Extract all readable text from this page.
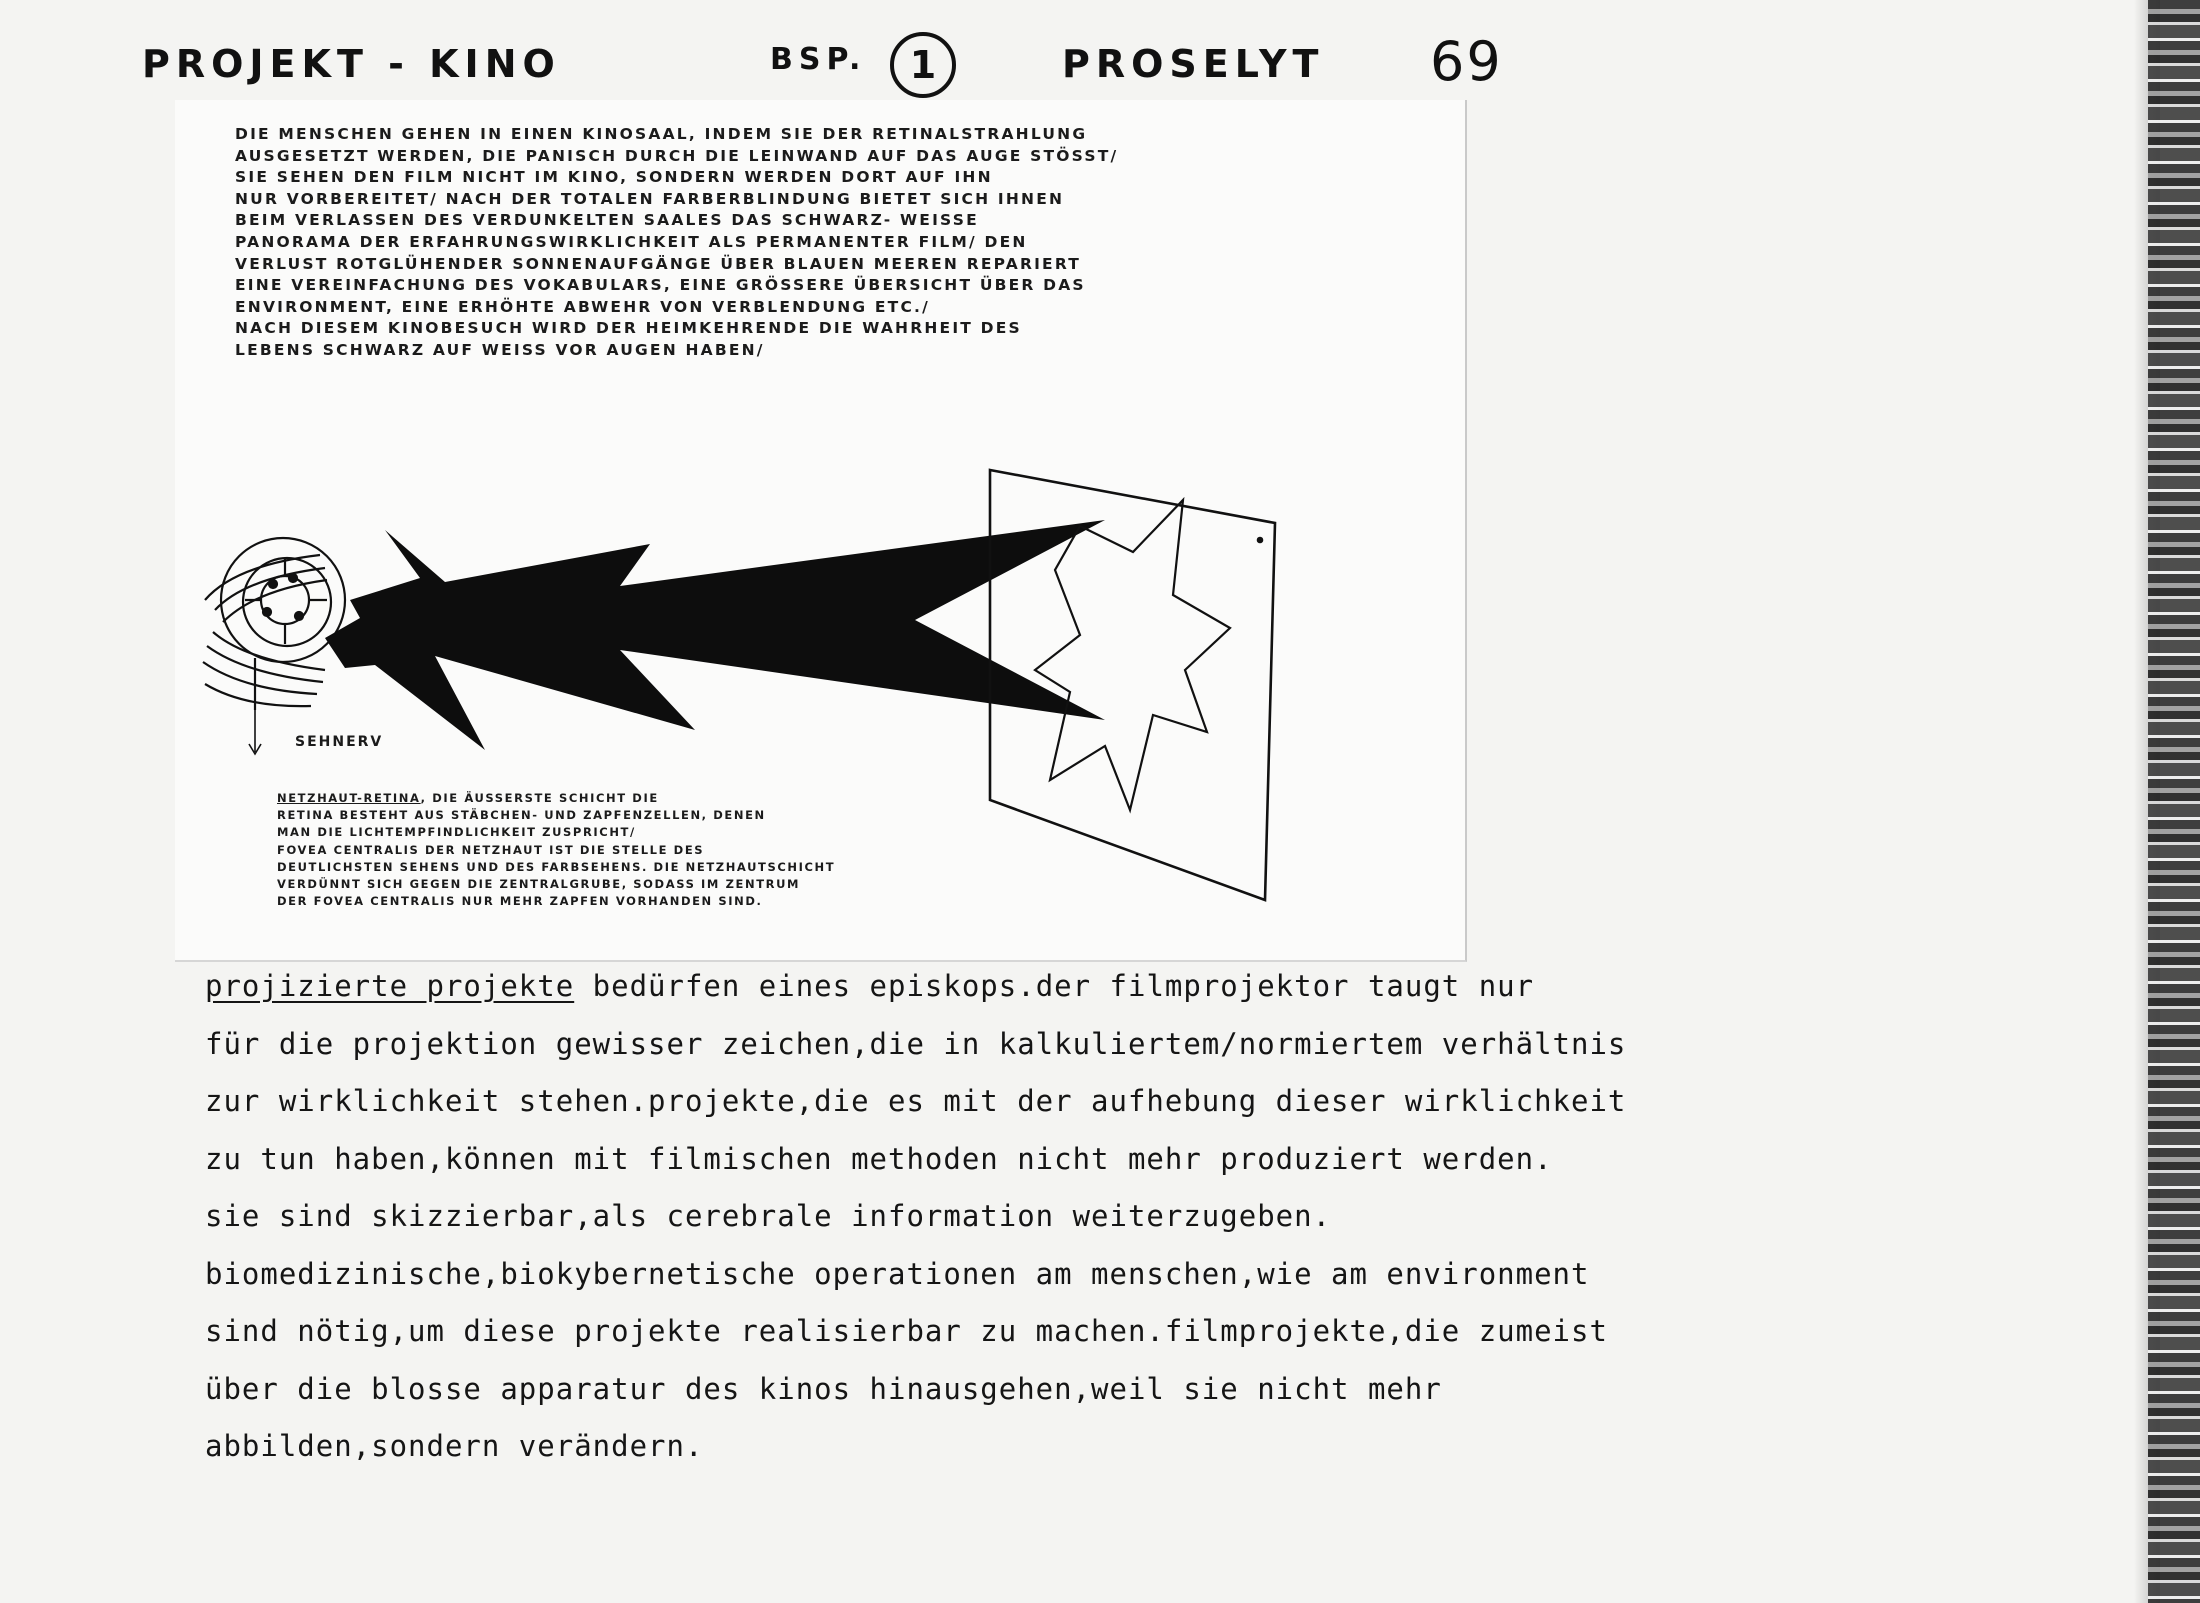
PROJEKT - KINO	BSP.	1	PROSELYT 69
DIE MENSCHEN GEHEN IN EINEN KINOSAAL, INDEM SIE DER RETINALSTRAHLUNG
AUSGESETZT WERDEN, DIE PANISCH DURCH DIE LEINWAND AUF DAS AUGE STÖSST/
SIE SEHEN DEN FILM NICHT IM KINO, SONDERN WERDEN DORT AUF IHN
NUR VORBEREITET/ NACH DER TOTALEN FARBERBLINDUNG BIETET SICH IHNEN
BEIM VERLASSEN DES VERDUNKELTEN SAALES DAS SCHWARZ- WEISSE
PANORAMA DER ERFAHRUNGSWIRKLICHKEIT ALS PERMANENTER FILM/ DEN
VERLUST ROTGLÜHENDER SONNENAUFGÄNGE ÜBER BLAUEN MEEREN REPARIERT
EINE VEREINFACHUNG DES VOKABULARS, EINE GRÖSSERE ÜBERSICHT ÜBER DAS
ENVIRONMENT, EINE ERHÖHTE ABWEHR VON VERBLENDUNG ETC./
NACH DIESEM KINOBESUCH WIRD DER HEIMKEHRENDE DIE WAHRHEIT DES
LEBENS SCHWARZ AUF WEISS VOR AUGEN HABEN/
SEHNERV
NETZHAUT-RETINA, DIE ÄUSSERSTE SCHICHT DIE
RETINA BESTEHT AUS STÄBCHEN- UND ZAPFENZELLEN, DENEN
MAN DIE LICHTEMPFINDLICHKEIT ZUSPRICHT/
FOVEA CENTRALIS DER NETZHAUT IST DIE STELLE DES
DEUTLICHSTEN SEHENS UND DES FARBSEHENS. DIE NETZHAUTSCHICHT
VERDÜNNT SICH GEGEN DIE ZENTRALGRUBE, SODASS IM ZENTRUM
DER FOVEA CENTRALIS NUR MEHR ZAPFEN VORHANDEN SIND.
projizierte projekte bedürfen eines episkops.der filmprojektor taugt nur
für die projektion gewisser zeichen,die in kalkuliertem/normiertem verhältnis
zur wirklichkeit stehen.projekte,die es mit der aufhebung dieser wirklichkeit
zu tun haben,können mit filmischen methoden nicht mehr produziert werden.
sie sind skizzierbar,als cerebrale information weiterzugeben.
biomedizinische,biokybernetische operationen am menschen,wie am environment
sind nötig,um diese projekte realisierbar zu machen.filmprojekte,die zumeist
über die blosse apparatur des kinos hinausgehen,weil sie nicht mehr
abbilden,sondern verändern.
